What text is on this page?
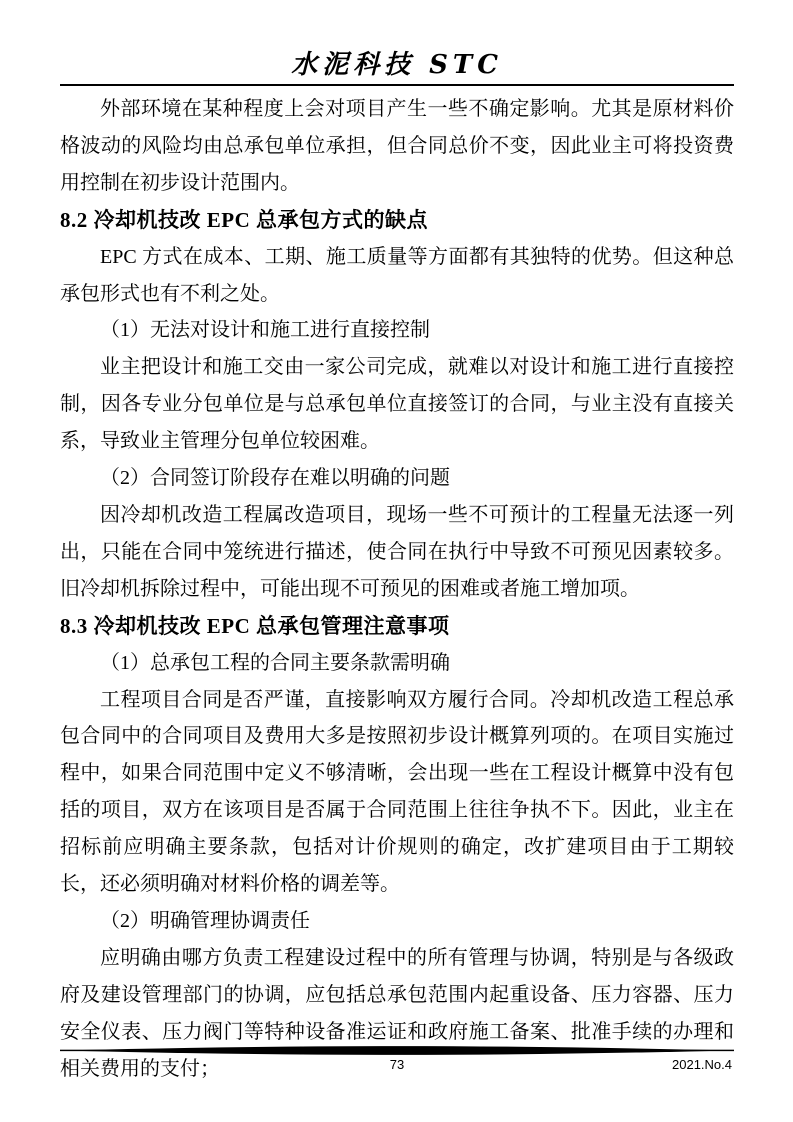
水泥科技 STC

外部环境在某种程度上会对项目产生一些不确定影响。尤其是原材料价格波动的风险均由总承包单位承担，但合同总价不变，因此业主可将投资费用控制在初步设计范围内。

8.2 冷却机技改 EPC 总承包方式的缺点

EPC 方式在成本、工期、施工质量等方面都有其独特的优势。但这种总承包形式也有不利之处。

（1）无法对设计和施工进行直接控制

业主把设计和施工交由一家公司完成，就难以对设计和施工进行直接控制，因各专业分包单位是与总承包单位直接签订的合同，与业主没有直接关系，导致业主管理分包单位较困难。

（2）合同签订阶段存在难以明确的问题

因冷却机改造工程属改造项目，现场一些不可预计的工程量无法逐一列出，只能在合同中笼统进行描述，使合同在执行中导致不可预见因素较多。旧冷却机拆除过程中，可能出现不可预见的困难或者施工增加项。

8.3 冷却机技改 EPC 总承包管理注意事项

（1）总承包工程的合同主要条款需明确

工程项目合同是否严谨，直接影响双方履行合同。冷却机改造工程总承包合同中的合同项目及费用大多是按照初步设计概算列项的。在项目实施过程中，如果合同范围中定义不够清晰，会出现一些在工程设计概算中没有包括的项目，双方在该项目是否属于合同范围上往往争执不下。因此，业主在招标前应明确主要条款，包括对计价规则的确定，改扩建项目由于工期较长，还必须明确对材料价格的调差等。

（2）明确管理协调责任

应明确由哪方负责工程建设过程中的所有管理与协调，特别是与各级政府及建设管理部门的协调，应包括总承包范围内起重设备、压力容器、压力安全仪表、压力阀门等特种设备准运证和政府施工备案、批准手续的办理和相关费用的支付；	73	2021.No.4
